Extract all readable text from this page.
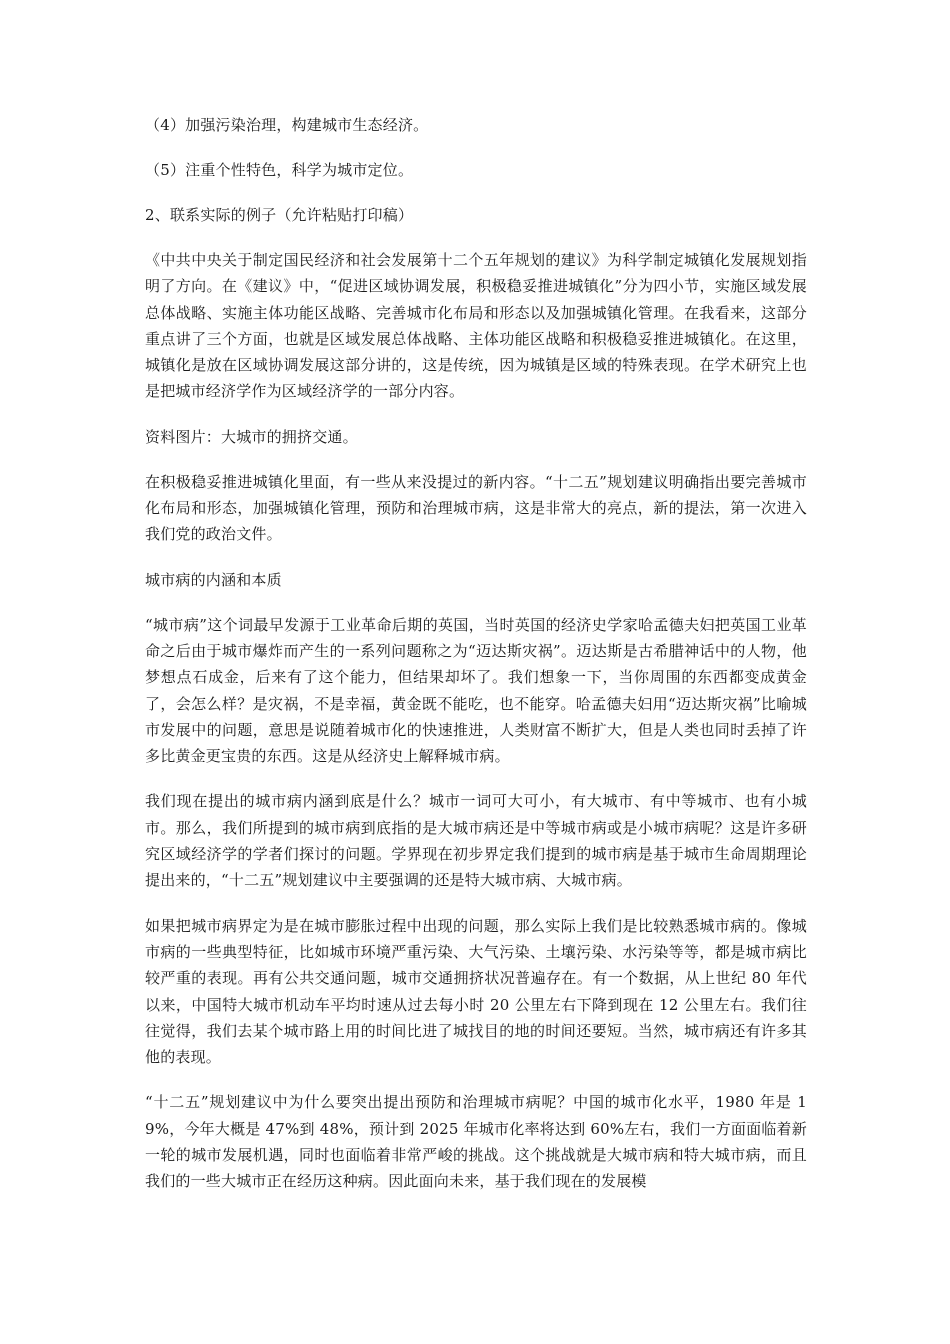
（4）加强污染治理，构建城市生态经济。

（5）注重个性特色，科学为城市定位。

2、联系实际的例子（允许粘贴打印稿）

《中共中央关于制定国民经济和社会发展第十二个五年规划的建议》为科学制定城镇化发展规划指明了方向。在《建议》中，“促进区域协调发展，积极稳妥推进城镇化”分为四小节，实施区域发展总体战略、实施主体功能区战略、完善城市化布局和形态以及加强城镇化管理。在我看来，这部分重点讲了三个方面，也就是区域发展总体战略、主体功能区战略和积极稳妥推进城镇化。在这里，城镇化是放在区域协调发展这部分讲的，这是传统，因为城镇是区域的特殊表现。在学术研究上也是把城市经济学作为区域经济学的一部分内容。

资料图片：大城市的拥挤交通。

在积极稳妥推进城镇化里面，有一些从来没提过的新内容。“十二五”规划建议明确指出要完善城市化布局和形态，加强城镇化管理，预防和治理城市病，这是非常大的亮点，新的提法，第一次进入我们党的政治文件。

城市病的内涵和本质

“城市病”这个词最早发源于工业革命后期的英国，当时英国的经济史学家哈孟德夫妇把英国工业革命之后由于城市爆炸而产生的一系列问题称之为“迈达斯灾祸”。迈达斯是古希腊神话中的人物，他梦想点石成金，后来有了这个能力，但结果却坏了。我们想象一下，当你周围的东西都变成黄金了，会怎么样？是灾祸，不是幸福，黄金既不能吃，也不能穿。哈孟德夫妇用“迈达斯灾祸”比喻城市发展中的问题，意思是说随着城市化的快速推进，人类财富不断扩大，但是人类也同时丢掉了许多比黄金更宝贵的东西。这是从经济史上解释城市病。

我们现在提出的城市病内涵到底是什么？城市一词可大可小，有大城市、有中等城市、也有小城市。那么，我们所提到的城市病到底指的是大城市病还是中等城市病或是小城市病呢？这是许多研究区域经济学的学者们探讨的问题。学界现在初步界定我们提到的城市病是基于城市生命周期理论提出来的，“十二五”规划建议中主要强调的还是特大城市病、大城市病。

如果把城市病界定为是在城市膨胀过程中出现的问题，那么实际上我们是比较熟悉城市病的。像城市病的一些典型特征，比如城市环境严重污染、大气污染、土壤污染、水污染等等，都是城市病比较严重的表现。再有公共交通问题，城市交通拥挤状况普遍存在。有一个数据，从上世纪 80 年代以来，中国特大城市机动车平均时速从过去每小时 20 公里左右下降到现在 12 公里左右。我们往往觉得，我们去某个城市路上用的时间比进了城找目的地的时间还要短。当然，城市病还有许多其他的表现。

“十二五”规划建议中为什么要突出提出预防和治理城市病呢？中国的城市化水平，1980 年是 19%，今年大概是 47%到 48%，预计到 2025 年城市化率将达到 60%左右，我们一方面面临着新一轮的城市发展机遇，同时也面临着非常严峻的挑战。这个挑战就是大城市病和特大城市病，而且我们的一些大城市正在经历这种病。因此面向未来，基于我们现在的发展模
